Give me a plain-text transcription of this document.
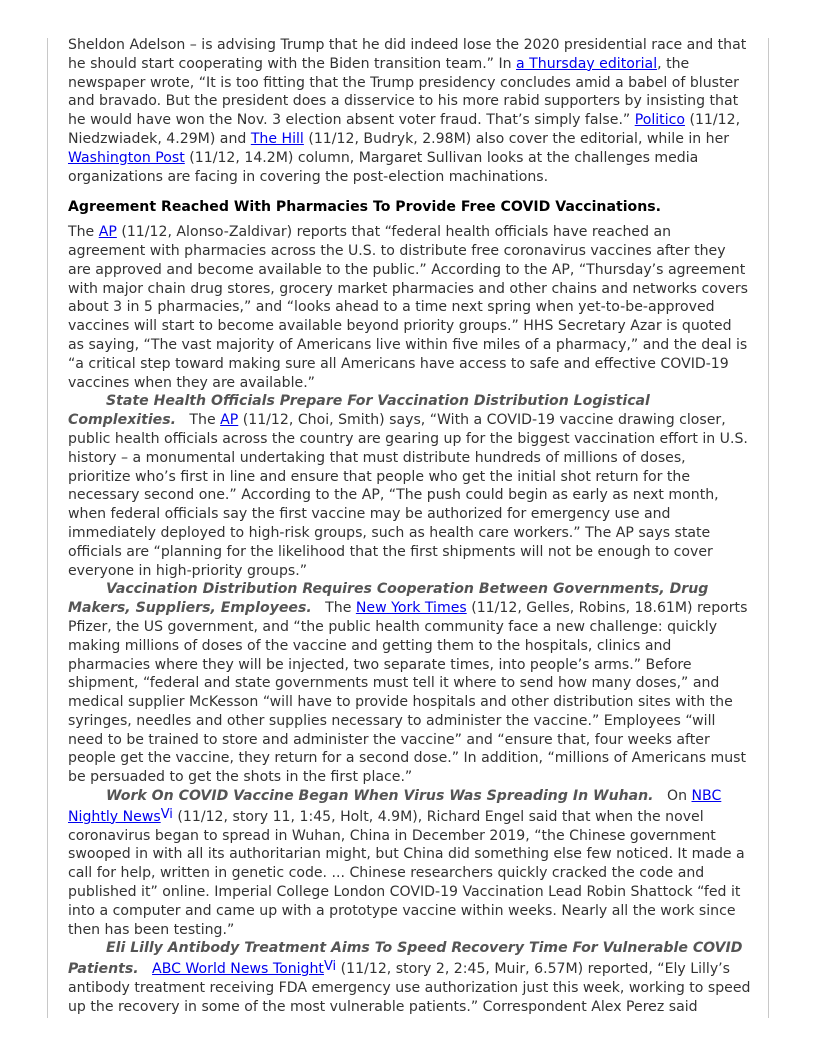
Sheldon Adelson – is advising Trump that he did indeed lose the 2020 presidential race and that he should start cooperating with the Biden transition team.” In a Thursday editorial, the newspaper wrote, “It is too fitting that the Trump presidency concludes amid a babel of bluster and bravado. But the president does a disservice to his more rabid supporters by insisting that he would have won the Nov. 3 election absent voter fraud. That’s simply false.” Politico (11/12, Niedzwiadek, 4.29M) and The Hill (11/12, Budryk, 2.98M) also cover the editorial, while in her Washington Post (11/12, 14.2M) column, Margaret Sullivan looks at the challenges media organizations are facing in covering the post-election machinations.

Agreement Reached With Pharmacies To Provide Free COVID Vaccinations.

The AP (11/12, Alonso-Zaldivar) reports that “federal health officials have reached an agreement with pharmacies across the U.S. to distribute free coronavirus vaccines after they are approved and become available to the public.” According to the AP, “Thursday’s agreement with major chain drug stores, grocery market pharmacies and other chains and networks covers about 3 in 5 pharmacies,” and “looks ahead to a time next spring when yet-to-be-approved vaccines will start to become available beyond priority groups.” HHS Secretary Azar is quoted as saying, “The vast majority of Americans live within five miles of a pharmacy,” and the deal is “a critical step toward making sure all Americans have access to safe and effective COVID-19 vaccines when they are available.”

State Health Officials Prepare For Vaccination Distribution Logistical Complexities.   The AP (11/12, Choi, Smith) says, “With a COVID-19 vaccine drawing closer, public health officials across the country are gearing up for the biggest vaccination effort in U.S. history – a monumental undertaking that must distribute hundreds of millions of doses, prioritize who’s first in line and ensure that people who get the initial shot return for the necessary second one.” According to the AP, “The push could begin as early as next month, when federal officials say the first vaccine may be authorized for emergency use and immediately deployed to high-risk groups, such as health care workers.” The AP says state officials are “planning for the likelihood that the first shipments will not be enough to cover everyone in high-priority groups.”

Vaccination Distribution Requires Cooperation Between Governments, Drug Makers, Suppliers, Employees.   The New York Times (11/12, Gelles, Robins, 18.61M) reports Pfizer, the US government, and “the public health community face a new challenge: quickly making millions of doses of the vaccine and getting them to the hospitals, clinics and pharmacies where they will be injected, two separate times, into people’s arms.” Before shipment, “federal and state governments must tell it where to send how many doses,” and medical supplier McKesson “will have to provide hospitals and other distribution sites with the syringes, needles and other supplies necessary to administer the vaccine.” Employees “will need to be trained to store and administer the vaccine” and “ensure that, four weeks after people get the vaccine, they return for a second dose.” In addition, “millions of Americans must be persuaded to get the shots in the first place.”

Work On COVID Vaccine Began When Virus Was Spreading In Wuhan.   On NBC Nightly NewsVi (11/12, story 11, 1:45, Holt, 4.9M), Richard Engel said that when the novel coronavirus began to spread in Wuhan, China in December 2019, “the Chinese government swooped in with all its authoritarian might, but China did something else few noticed. It made a call for help, written in genetic code. ... Chinese researchers quickly cracked the code and published it” online. Imperial College London COVID-19 Vaccination Lead Robin Shattock “fed it into a computer and came up with a prototype vaccine within weeks. Nearly all the work since then has been testing.”

Eli Lilly Antibody Treatment Aims To Speed Recovery Time For Vulnerable COVID Patients. ABC World News TonightVi (11/12, story 2, 2:45, Muir, 6.57M) reported, “Ely Lilly’s antibody treatment receiving FDA emergency use authorization just this week, working to speed up the recovery in some of the most vulnerable patients.” Correspondent Alex Perez said
